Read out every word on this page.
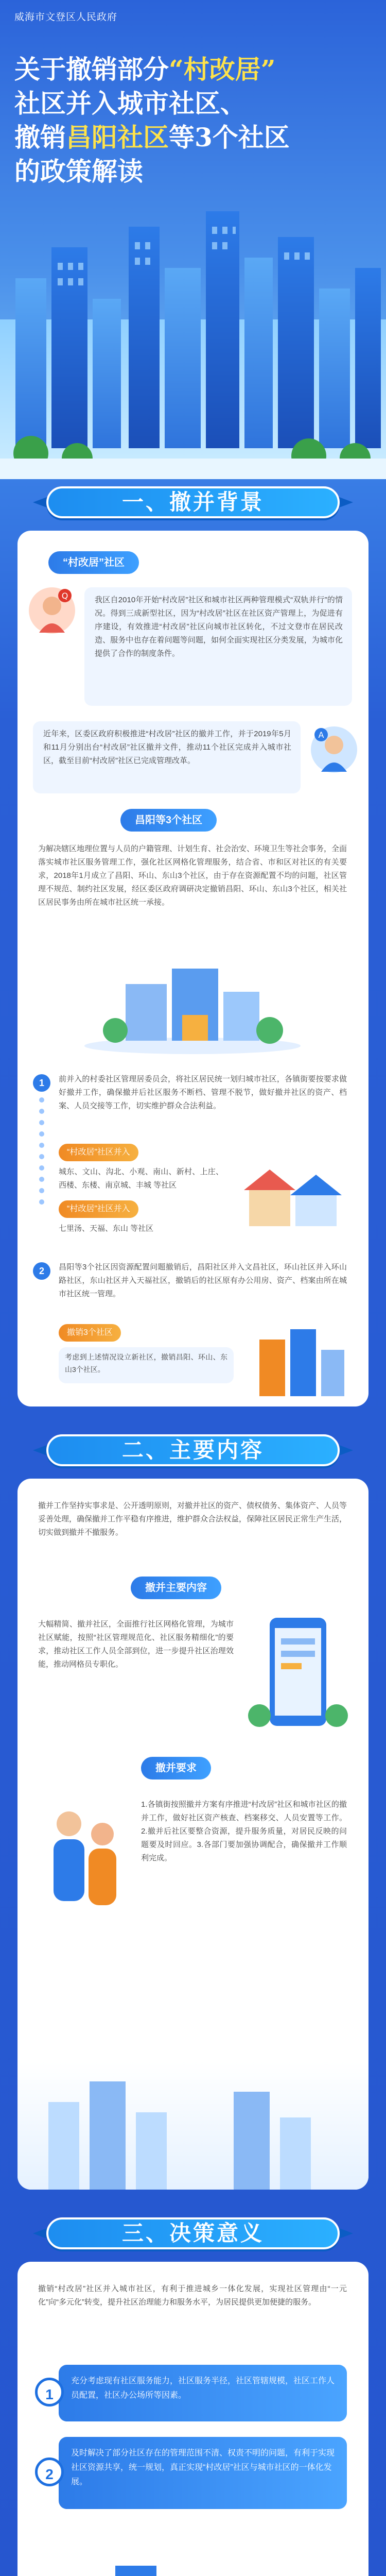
威海市文登区人民政府
关于撤销部分“村改居”
社区并入城市社区、
撤销昌阳社区等3个社区
的政策解读
一、撤并背景
“村改居”社区
Q	我区自2010年开始“村改居”社区和城市社区两种管理模式“双轨并行”的情况。得到三成新型社区，因为“村改居”社区在社区资产管理上，为促进有序建设，有效推进“村改居”社区向城市社区转化，不过文登市在居民改造、服务中也存在着问题等问题，如何全面实现社区分类发展，为城市化提供了合作的制度条件。
近年来，区委区政府积极推进“村改居”社区的撤并工作，并于2019年5月和11月分别出台“村改居”社区撤并文件，推动11个社区完成并入城市社区，截至目前“村改居”社区已完成管理改革。
A
昌阳等3个社区
为解决辖区地理位置与人员的户籍管理、计划生育、社会治安、环境卫生等社会事务，全面落实城市社区服务管理工作，强化社区网格化管理服务，结合省、市和区对社区的有关要求，2018年1月成立了昌阳、环山、东山3个社区，由于存在资源配置不均的问题，社区管理不规范、制约社区发展，经区委区政府调研决定撤销昌阳、环山、东山3个社区，相关社区居民事务由所在城市社区统一承接。
1	前并入的村委社区管理居委员会，将社区居民统一划归城市社区，各镇街要按要求做好撤并工作，确保撤并后社区服务不断档、管理不脱节，做好撤并社区的资产、档案、人员交接等工作，切实维护群众合法利益。
“村改居”社区并入
城东、文山、沟北、小观、南山、新村、上庄、西楼、东楼、南京城、丰城 等社区
“村改居”社区并入
七里汤、天福、东山 等社区
2	昌阳等3个社区因资源配置问题撤销后，昌阳社区并入文昌社区，环山社区并入环山路社区，东山社区并入天福社区，撤销后的社区原有办公用房、资产、档案由所在城市社区统一管理。
撤销3个社区
考虑到上述情况设立新社区，撤销昌阳、环山、东山3个社区。
二、主要内容
撤并工作坚持实事求是、公开透明原则，对撤并社区的资产、债权债务、集体资产、人员等妥善处理，确保撤并工作平稳有序推进，维护群众合法权益，保障社区居民正常生产生活，切实做到撤并不撤服务。
撤并主要内容
大幅精简、撤并社区，全面推行社区网格化管理，为城市社区赋能，按照“社区管理规范化、社区服务精细化”的要求，推动社区工作人员全部到位，进一步提升社区治理效能，推动网格员专职化。
撤并要求
1.各镇街按照撤并方案有序推进“村改居”社区和城市社区的撤并工作，做好社区资产核查、档案移交、人员安置等工作。2.撤并后社区要整合资源，提升服务质量，对居民反映的问题要及时回应。3.各部门要加强协调配合，确保撤并工作顺利完成。
三、决策意义
撤销“村改居”社区并入城市社区，有利于推进城乡一体化发展，实现社区管理由“一元化”向“多元化”转变，提升社区治理能力和服务水平，为居民提供更加便捷的服务。
充分考虑现有社区服务能力，社区服务半径，社区管辖规模，社区工作人员配置，社区办公场所等因素。
1
及时解决了部分社区存在的管理范围不清、权责不明的问题，有利于实现社区资源共享，统一规划，真正实现“村改居”社区与城市社区的一体化发展。
2
